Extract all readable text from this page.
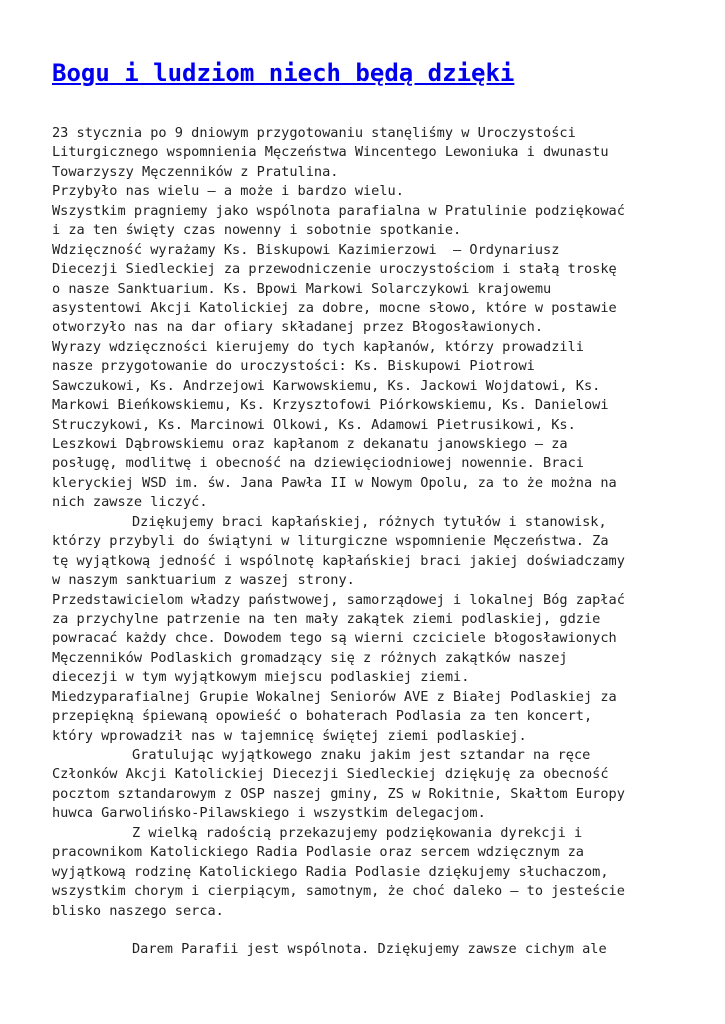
Bogu i ludziom niech będą dzięki
23 stycznia po 9 dniowym przygotowaniu stanęliśmy w Uroczystości
Liturgicznego wspomnienia Męczeństwa Wincentego Lewoniuka i dwunastu
Towarzyszy Męczenników z Pratulina.
Przybyło nas wielu – a może i bardzo wielu.
Wszystkim pragniemy jako wspólnota parafialna w Pratulinie podziękować
i za ten święty czas nowenny i sobotnie spotkanie.
Wdzięczność wyrażamy Ks. Biskupowi Kazimierzowi  – Ordynariusz
Diecezji Siedleckiej za przewodniczenie uroczystościom i stałą troskę
o nasze Sanktuarium. Ks. Bpowi Markowi Solarczykowi krajowemu
asystentowi Akcji Katolickiej za dobre, mocne słowo, które w postawie
otworzyło nas na dar ofiary składanej przez Błogosławionych.
Wyrazy wdzięczności kierujemy do tych kapłanów, którzy prowadzili
nasze przygotowanie do uroczystości: Ks. Biskupowi Piotrowi
Sawczukowi, Ks. Andrzejowi Karwowskiemu, Ks. Jackowi Wojdatowi, Ks.
Markowi Bieńkowskiemu, Ks. Krzysztofowi Piórkowskiemu, Ks. Danielowi
Struczykowi, Ks. Marcinowi Olkowi, Ks. Adamowi Pietrusikowi, Ks.
Leszkowi Dąbrowskiemu oraz kapłanom z dekanatu janowskiego – za
posługę, modlitwę i obecność na dziewięciodniowej nowennie. Braci
kleryckiej WSD im. św. Jana Pawła II w Nowym Opolu, za to że można na
nich zawsze liczyć.
Dziękujemy braci kapłańskiej, różnych tytułów i stanowisk,
którzy przybyli do świątyni w liturgiczne wspomnienie Męczeństwa. Za
tę wyjątkową jedność i wspólnotę kapłańskiej braci jakiej doświadczamy
w naszym sanktuarium z waszej strony.
Przedstawicielom władzy państwowej, samorządowej i lokalnej Bóg zapłać
za przychylne patrzenie na ten mały zakątek ziemi podlaskiej, gdzie
powracać każdy chce. Dowodem tego są wierni czciciele błogosławionych
Męczenników Podlaskich gromadzący się z różnych zakątków naszej
diecezji w tym wyjątkowym miejscu podlaskiej ziemi.
Miedzyparafialnej Grupie Wokalnej Seniorów AVE z Białej Podlaskiej za
przepiękną śpiewaną opowieść o bohaterach Podlasia za ten koncert,
który wprowadził nas w tajemnicę świętej ziemi podlaskiej.
Gratulując wyjątkowego znaku jakim jest sztandar na ręce
Członków Akcji Katolickiej Diecezji Siedleckiej dziękuję za obecność
pocztom sztandarowym z OSP naszej gminy, ZS w Rokitnie, Skałtom Europy
huwca Garwolińsko-Pilawskiego i wszystkim delegacjom.
Z wielką radością przekazujemy podziękowania dyrekcji i
pracownikom Katolickiego Radia Podlasie oraz sercem wdzięcznym za
wyjątkową rodzinę Katolickiego Radia Podlasie dziękujemy słuchaczom,
wszystkim chorym i cierpiącym, samotnym, że choć daleko – to jesteście
blisko naszego serca.
Darem Parafii jest wspólnota. Dziękujemy zawsze cichym ale
